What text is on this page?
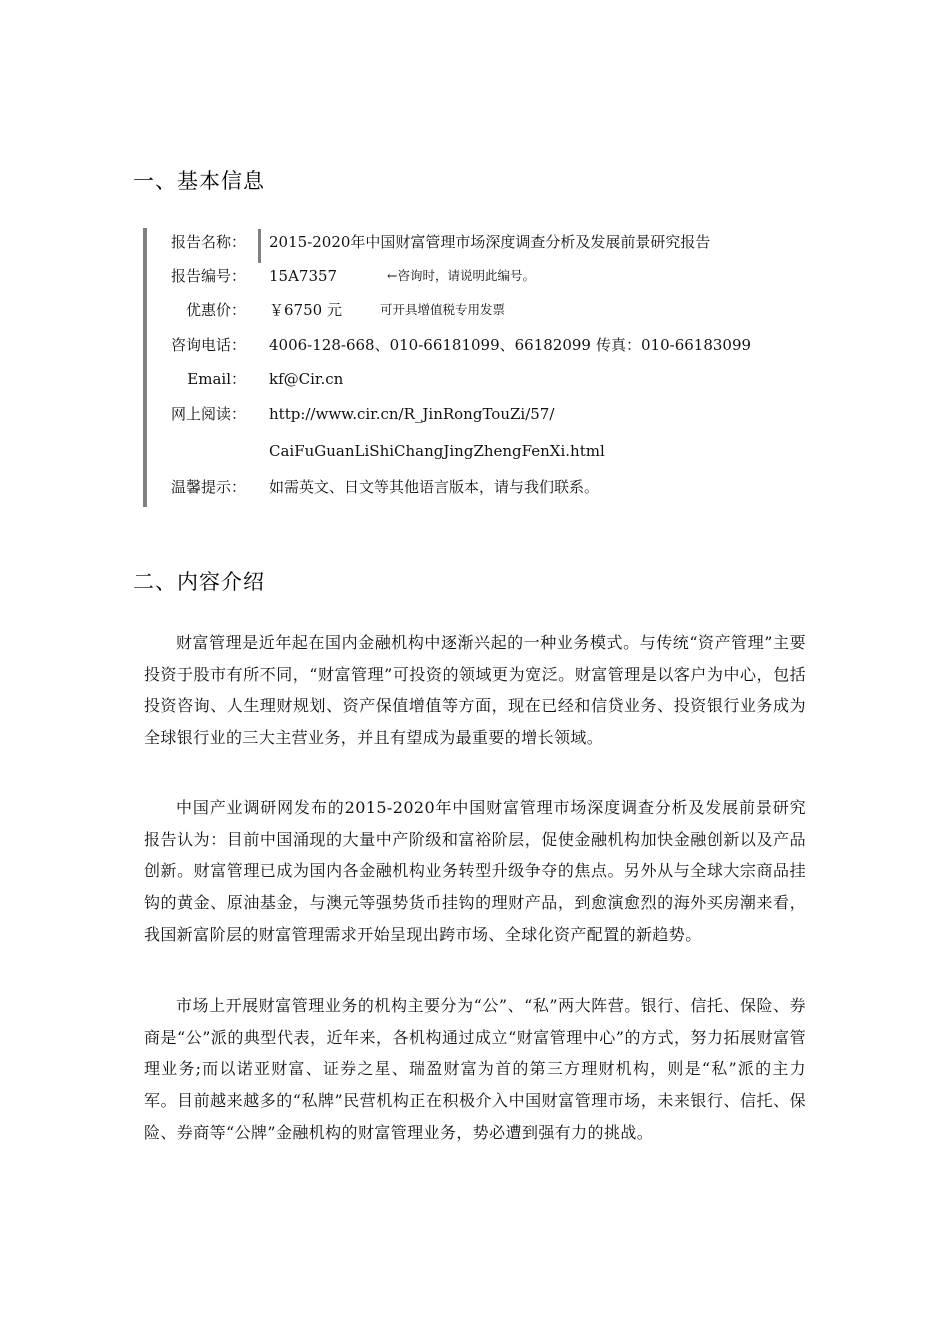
一、基本信息
报告名称： 2015-2020年中国财富管理市场深度调查分析及发展前景研究报告
报告编号： 15A7357	←咨询时，请说明此编号。
优惠价： ￥6750 元	可开具增值税专用发票
咨询电话： 4006-128-668、010-66181099、66182099 传真：010-66183099
Email： kf@Cir.cn
网上阅读： http://www.cir.cn/R_JinRongTouZi/57/
CaiFuGuanLiShiChangJingZhengFenXi.html
温馨提示： 如需英文、日文等其他语言版本，请与我们联系。
二、内容介绍

财富管理是近年起在国内金融机构中逐渐兴起的一种业务模式。与传统“资产管理”主要投资于股市有所不同，“财富管理”可投资的领域更为宽泛。财富管理是以客户为中心，包括投资咨询、人生理财规划、资产保值增值等方面，现在已经和信贷业务、投资银行业务成为全球银行业的三大主营业务，并且有望成为最重要的增长领域。

中国产业调研网发布的2015-2020年中国财富管理市场深度调查分析及发展前景研究报告认为：目前中国涌现的大量中产阶级和富裕阶层，促使金融机构加快金融创新以及产品创新。财富管理已成为国内各金融机构业务转型升级争夺的焦点。另外从与全球大宗商品挂钩的黄金、原油基金，与澳元等强势货币挂钩的理财产品，到愈演愈烈的海外买房潮来看，我国新富阶层的财富管理需求开始呈现出跨市场、全球化资产配置的新趋势。

市场上开展财富管理业务的机构主要分为“公”、“私”两大阵营。银行、信托、保险、券商是“公”派的典型代表，近年来，各机构通过成立“财富管理中心”的方式，努力拓展财富管理业务;而以诺亚财富、证券之星、瑞盈财富为首的第三方理财机构，则是“私”派的主力军。目前越来越多的“私牌”民营机构正在积极介入中国财富管理市场，未来银行、信托、保险、券商等“公牌”金融机构的财富管理业务，势必遭到强有力的挑战。
